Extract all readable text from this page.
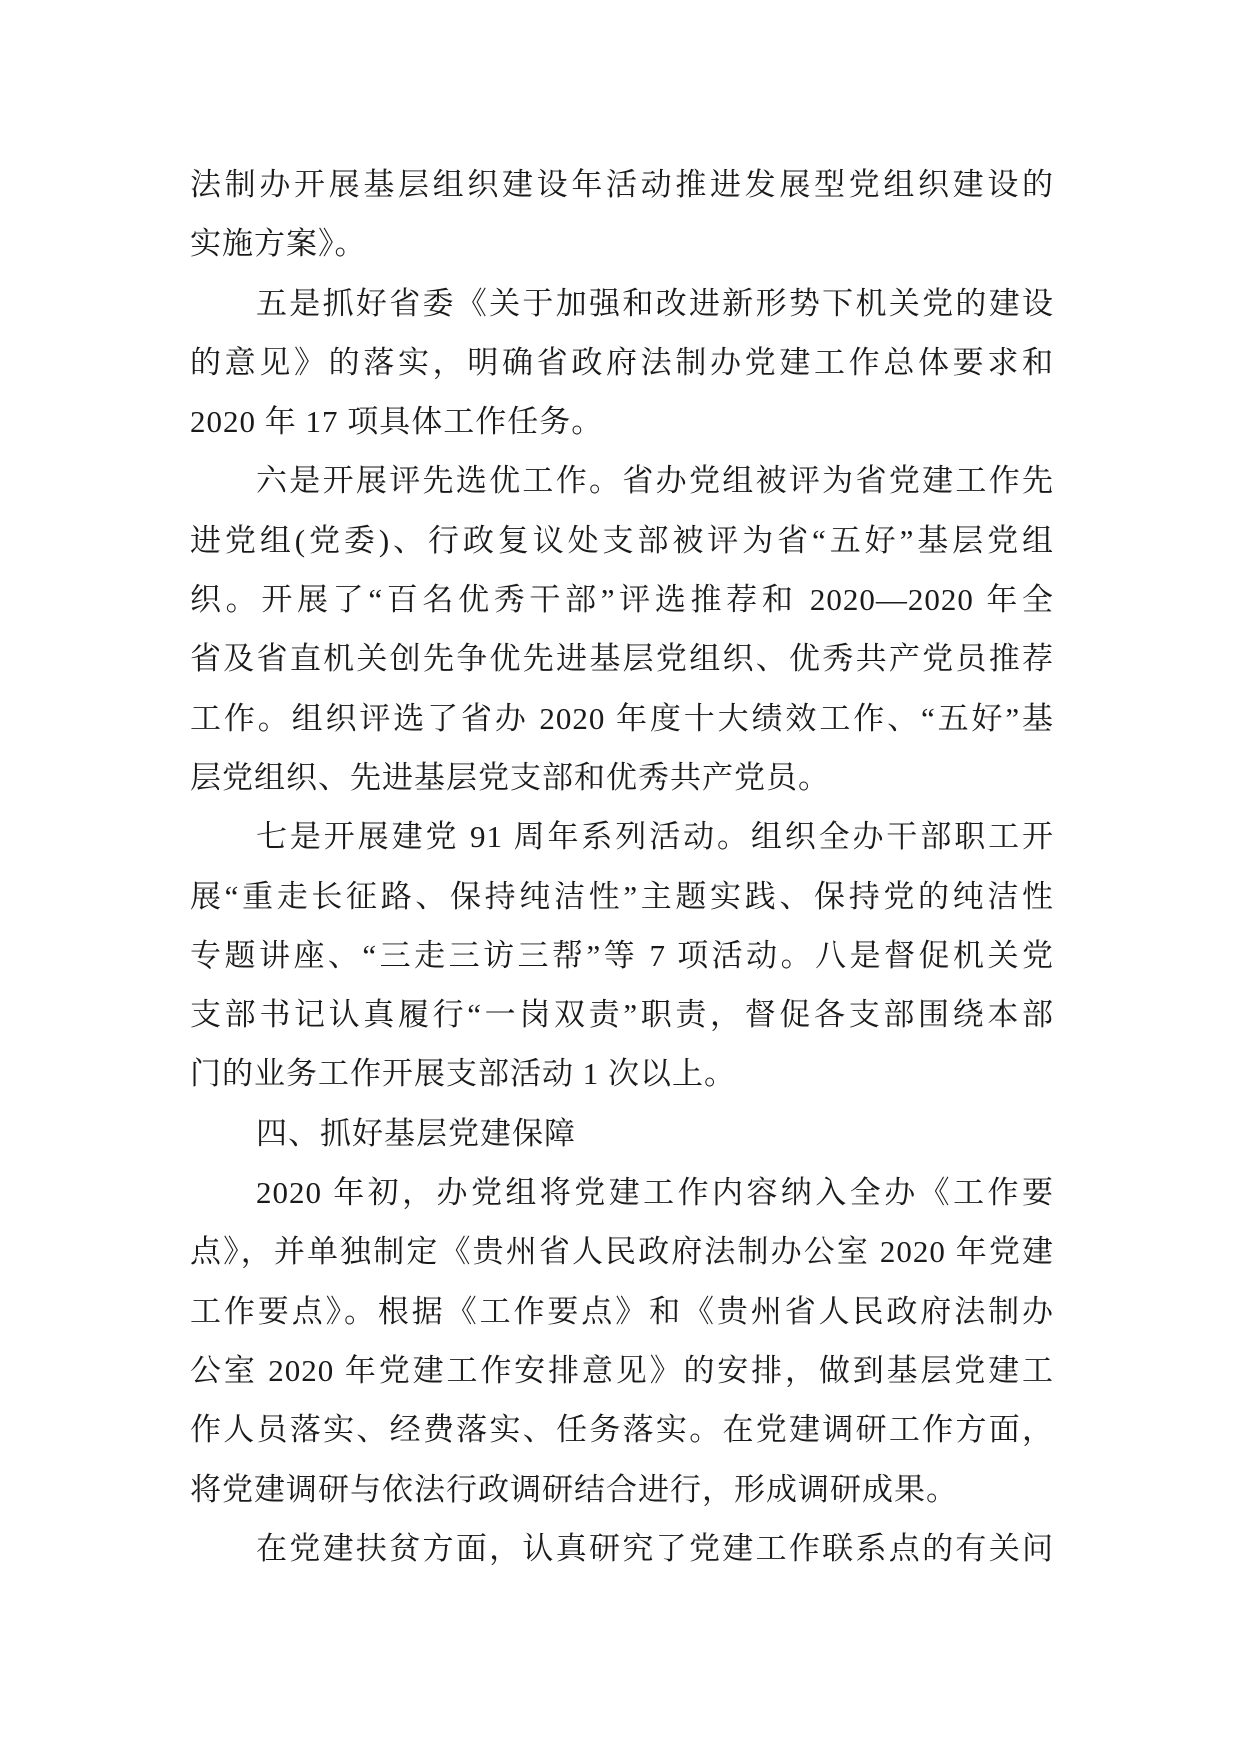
法制办开展基层组织建设年活动推进发展型党组织建设的
实施方案》。
五是抓好省委《关于加强和改进新形势下机关党的建设
的意见》的落实，明确省政府法制办党建工作总体要求和
2020 年 17 项具体工作任务。
六是开展评先选优工作。省办党组被评为省党建工作先
进党组(党委)、行政复议处支部被评为省“五好”基层党组
织。开展了“百名优秀干部”评选推荐和 2020—2020 年全
省及省直机关创先争优先进基层党组织、优秀共产党员推荐
工作。组织评选了省办 2020 年度十大绩效工作、“五好”基
层党组织、先进基层党支部和优秀共产党员。
七是开展建党 91 周年系列活动。组织全办干部职工开
展“重走长征路、保持纯洁性”主题实践、保持党的纯洁性
专题讲座、“三走三访三帮”等 7 项活动。八是督促机关党
支部书记认真履行“一岗双责”职责，督促各支部围绕本部
门的业务工作开展支部活动 1 次以上。
四、抓好基层党建保障
2020 年初，办党组将党建工作内容纳入全办《工作要
点》，并单独制定《贵州省人民政府法制办公室 2020 年党建
工作要点》。根据《工作要点》和《贵州省人民政府法制办
公室 2020 年党建工作安排意见》的安排，做到基层党建工
作人员落实、经费落实、任务落实。在党建调研工作方面，
将党建调研与依法行政调研结合进行，形成调研成果。
在党建扶贫方面，认真研究了党建工作联系点的有关问
